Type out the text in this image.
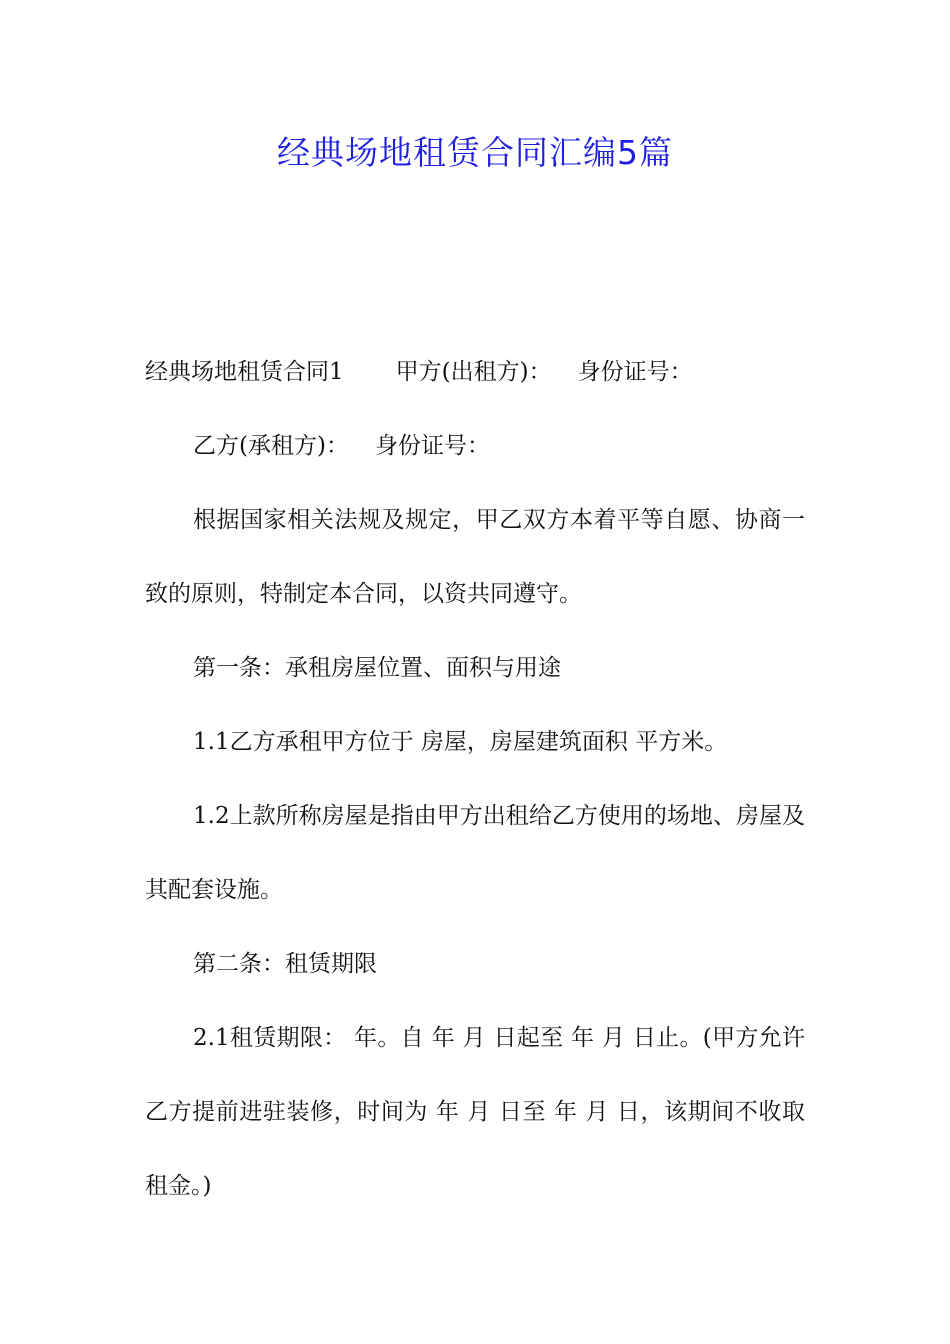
经典场地租赁合同汇编5篇

经典场地租赁合同1 甲方(出租方)： 身份证号：

乙方(承租方)： 身份证号：

根据国家相关法规及规定，甲乙双方本着平等自愿、协商一致的原则，特制定本合同，以资共同遵守。

第一条：承租房屋位置、面积与用途

1.1乙方承租甲方位于 房屋，房屋建筑面积 平方米。

1.2上款所称房屋是指由甲方出租给乙方使用的场地、房屋及其配套设施。

第二条：租赁期限

2.1租赁期限： 年。自 年 月 日起至 年 月 日止。(甲方允许乙方提前进驻装修，时间为 年 月 日至 年 月 日，该期间不收取租金。)
